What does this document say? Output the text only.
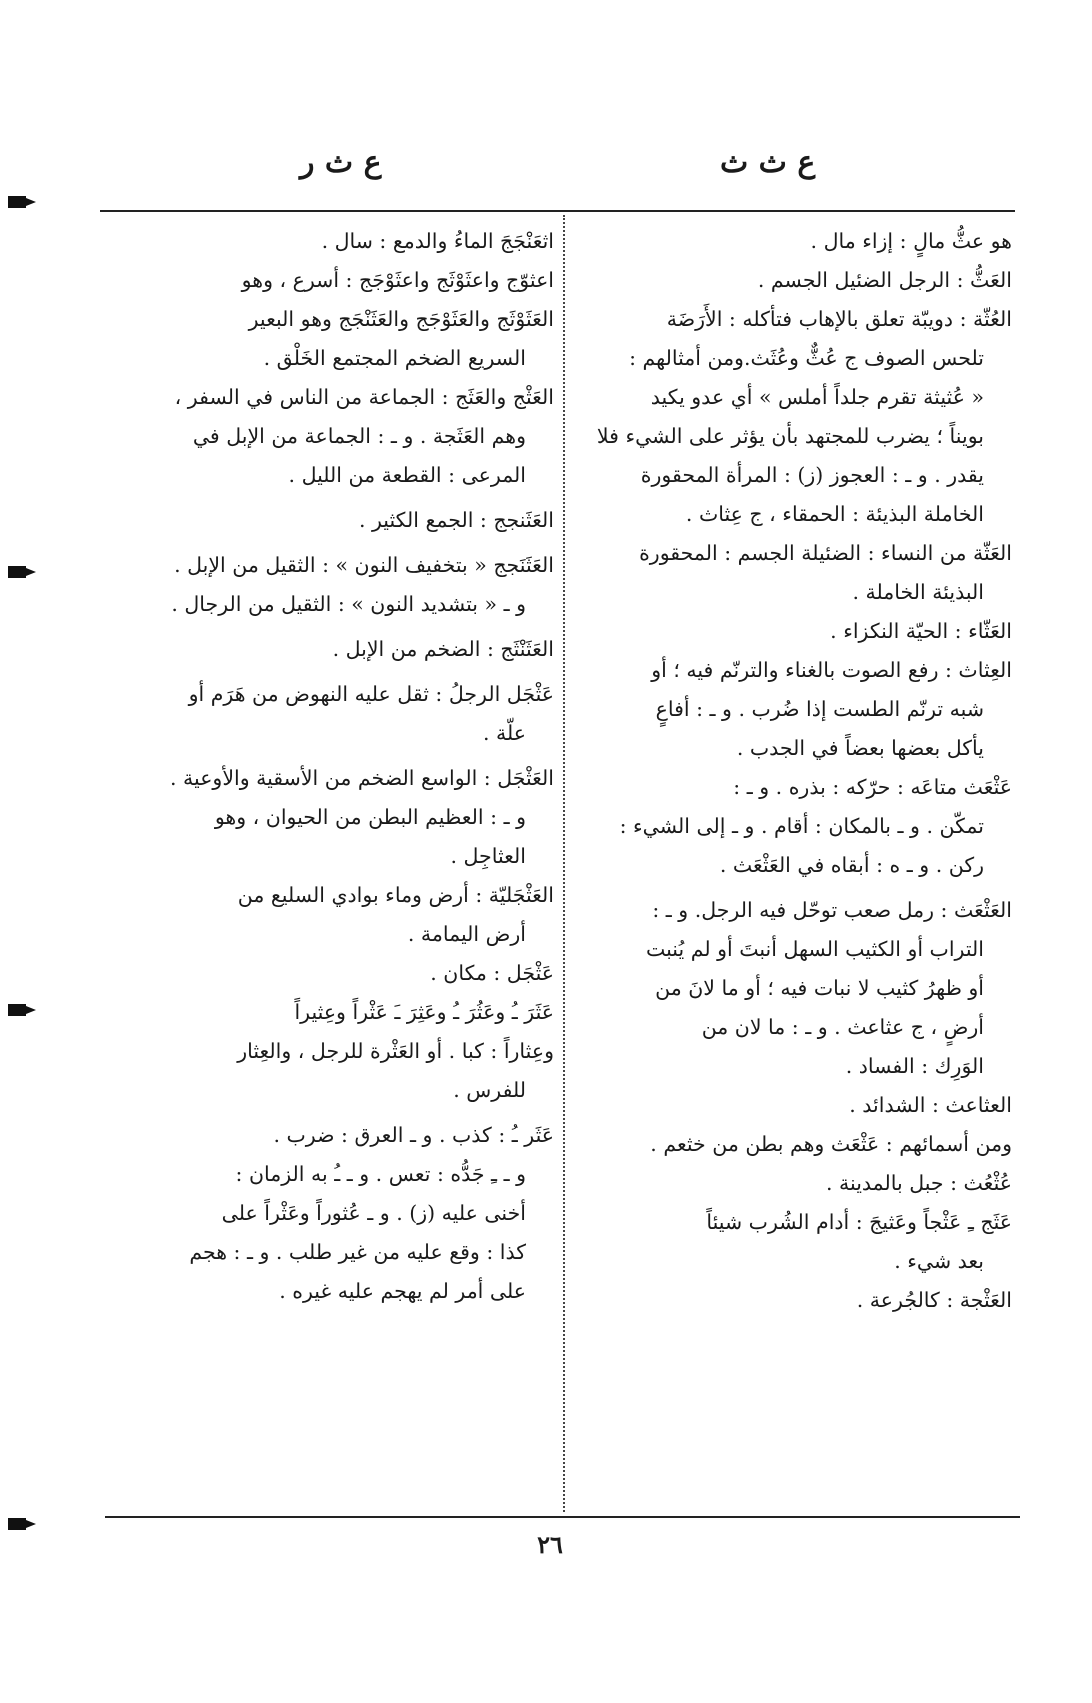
ع ث ث
ع ث ر
هو عثُّ مالٍ : إزاء مال .
العَثُّ : الرجل الضئيل الجسم .
العُثّة : دويبّة تعلق بالإهاب فتأكله : الأَرَضَة
تلحس الصوف ج عُثٌّ وعُثَث.ومن أمثالهم :
« عُثيثة تقرم جلداً أملس » أي عدو يكيد
بويناً ؛ يضرب للمجتهد بأن يؤثر على الشيء فلا
يقدر . و ـ : العجوز (ز) : المرأة المحقورة
الخاملة البذيئة : الحمقاء ، ج عِثاث .
العَثّة من النساء : الضئيلة الجسم : المحقورة
البذيئة الخاملة .
العَثّاء : الحيّة النكزاء .
العِثاث : رفع الصوت بالغناء والترنّم فيه ؛ أو
شبه ترنّم الطست إذا ضُرب . و ـ : أفاعٍ
يأكل بعضها بعضاً في الجدب .
عَثْعَث متاعَه : حرّكه : بذره . و ـ :
تمكّن . و ـ بالمكان : أقام . و ـ إلى الشيء :
ركن . و ـ ه : أبقاه في العَثْعَث .
العَثْعَث : رمل صعب توحّل فيه الرجل. و ـ :
التراب أو الكثيب السهل أنبتَ أو لم يُنبت
أو ظهرُ كثيب لا نبات فيه ؛ أو ما لانَ من
أرضٍ ، ج عثاعث . و ـ : ما لان من
الوَرِك : الفساد .
العثاعث : الشدائد .
ومن أسمائهم : عَثْعَث وهم بطن من خثعم .
عُثْعُث : جبل بالمدينة .
عَثَج ـِ عَثْجاً وعَثيجَ : أدام الشُرب شيئاً
بعد شيء .
العَثْجة : كالجُرعة .
اثعَنْجَجَ الماءُ والدمع : سال .
اعثوّج واعثَوْثَج واعثَوْجَج : أسرع ، وهو
العَثَوْثَج والعَثَوْجَج والعَثَنْجَج وهو البعير
السريع الضخم المجتمع الخَلْق .
العَثْج والعَثَج : الجماعة من الناس في السفر ،
وهم العَثَجة . و ـ : الجماعة من الإبل في
المرعى : القطعة من الليل .
العَثَنجج : الجمع الكثير .
العَثَنَجج « بتخفيف النون » : الثقيل من الإبل .
و ـ « بتشديد النون » : الثقيل من الرجال .
العَثَنْثَج : الضخم من الإبل .
عَثْجَل الرجلُ : ثقل عليه النهوض من هَرَم أو
علّة .
العَثْجَل : الواسع الضخم من الأسقية والأوعية .
و ـ : العظيم البطن من الحيوان ، وهو
العثاجِل .
العَثْجَليّة : أرض وماء بوادي السليع من
أرض اليمامة .
عَثْجَل : مكان .
عَثَرَ ـُ وعَثُرَ ـُ وعَثِرَ ـَ عَثْراً وعِثيراً
وعِثاراً : كبا . أو العَثْرة للرجل ، والعِثار
للفرس .
عَثَر ـُ : كذب . و ـ العرق : ضرب .
و ـ ـِ جَدُّه : تعس . و ـ ـُ به الزمان :
أخنى عليه (ز) . و ـ عُثوراً وعَثْراً على
كذا : وقع عليه من غير طلب . و ـ : هجم
على أمر لم يهجم عليه غيره .
٢٦
